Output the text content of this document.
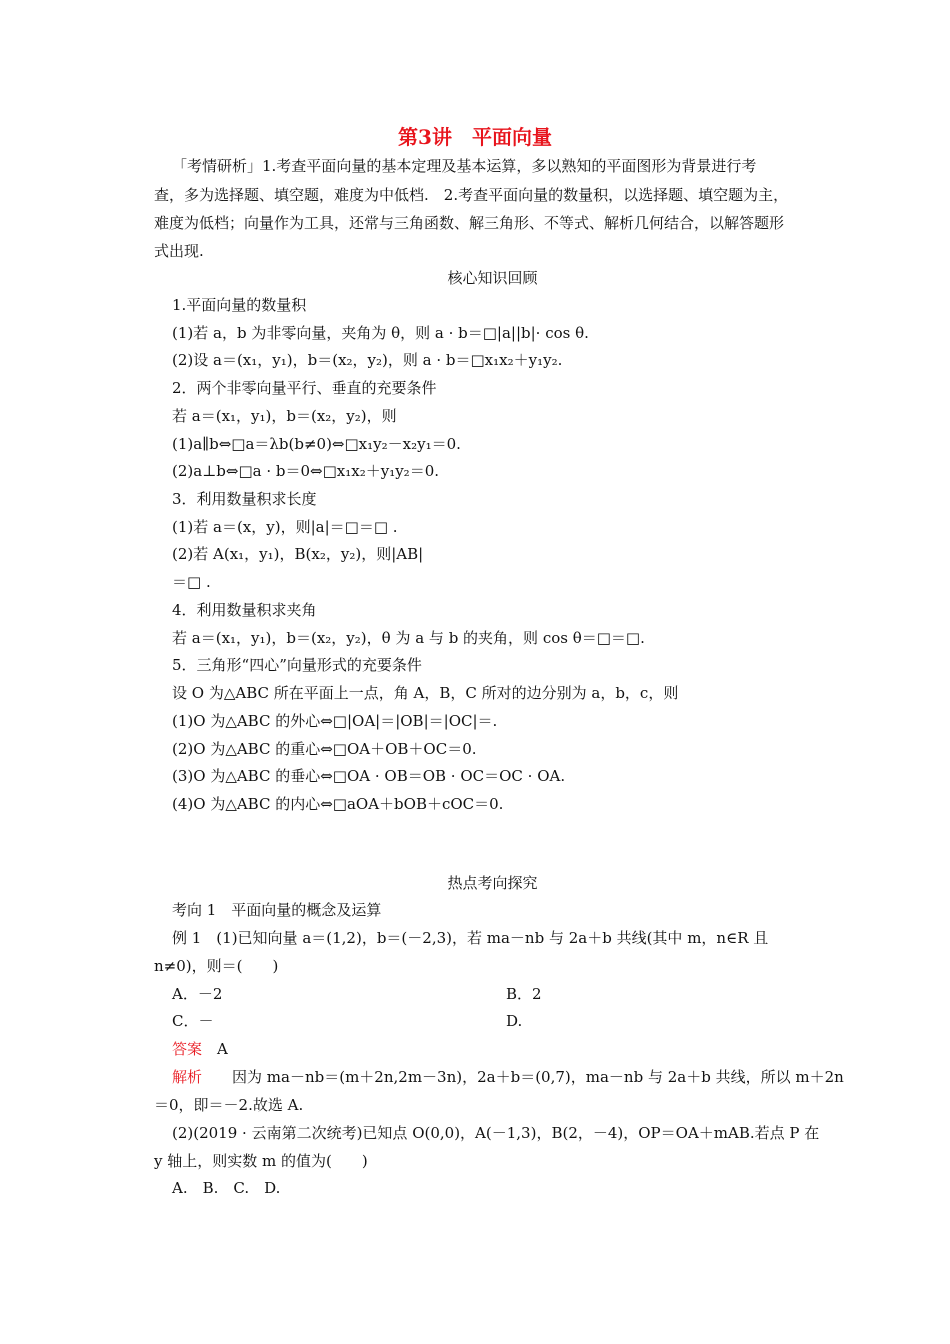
第3讲　平面向量
「考情研析」1.考查平面向量的基本定理及基本运算，多以熟知的平面图形为背景进行考
查，多为选择题、填空题，难度为中低档.　2.考查平面向量的数量积，以选择题、填空题为主，
难度为低档；向量作为工具，还常与三角函数、解三角形、不等式、解析几何结合，以解答题形
式出现.
核心知识回顾
1.平面向量的数量积
(1)若 a，b 为非零向量，夹角为 θ，则 a · b＝□|a||b|· cos θ.
(2)设 a＝(x₁，y₁)，b＝(x₂，y₂)，则 a · b＝□x₁x₂＋y₁y₂.
2．两个非零向量平行、垂直的充要条件
若 a＝(x₁，y₁)，b＝(x₂，y₂)，则
(1)a∥b⇔□a＝λb(b≠0)⇔□x₁y₂－x₂y₁＝0.
(2)a⊥b⇔□a · b＝0⇔□x₁x₂＋y₁y₂＝0.
3．利用数量积求长度
(1)若 a＝(x，y)，则|a|＝□＝□ .
(2)若 A(x₁，y₁)，B(x₂，y₂)，则|AB|
＝□ .
4．利用数量积求夹角
若 a＝(x₁，y₁)，b＝(x₂，y₂)，θ 为 a 与 b 的夹角，则 cos θ＝□＝□.
5．三角形“四心”向量形式的充要条件
设 O 为△ABC 所在平面上一点，角 A，B，C 所对的边分别为 a，b，c，则
(1)O 为△ABC 的外心⇔□|OA|＝|OB|＝|OC|＝.
(2)O 为△ABC 的重心⇔□OA＋OB＋OC＝0.
(3)O 为△ABC 的垂心⇔□OA · OB＝OB · OC＝OC · OA.
(4)O 为△ABC 的内心⇔□aOA＋bOB＋cOC＝0.
热点考向探究
考向 1　平面向量的概念及运算
例 1　(1)已知向量 a＝(1,2)，b＝(－2,3)，若 ma－nb 与 2a＋b 共线(其中 m，n∈R 且
n≠0)，则＝(　　)
A．－2	B．2
C．－	D.
答案　 A
解析　　 因为 ma－nb＝(m＋2n,2m－3n)，2a＋b＝(0,7)，ma－nb 与 2a＋b 共线，所以 m＋2n
＝0，即＝－2.故选 A.
(2)(2019 · 云南第二次统考)已知点 O(0,0)，A(－1,3)，B(2，－4)，OP＝OA＋mAB.若点 P 在
y 轴上，则实数 m 的值为(　　)
A.　B.　C.　D.
